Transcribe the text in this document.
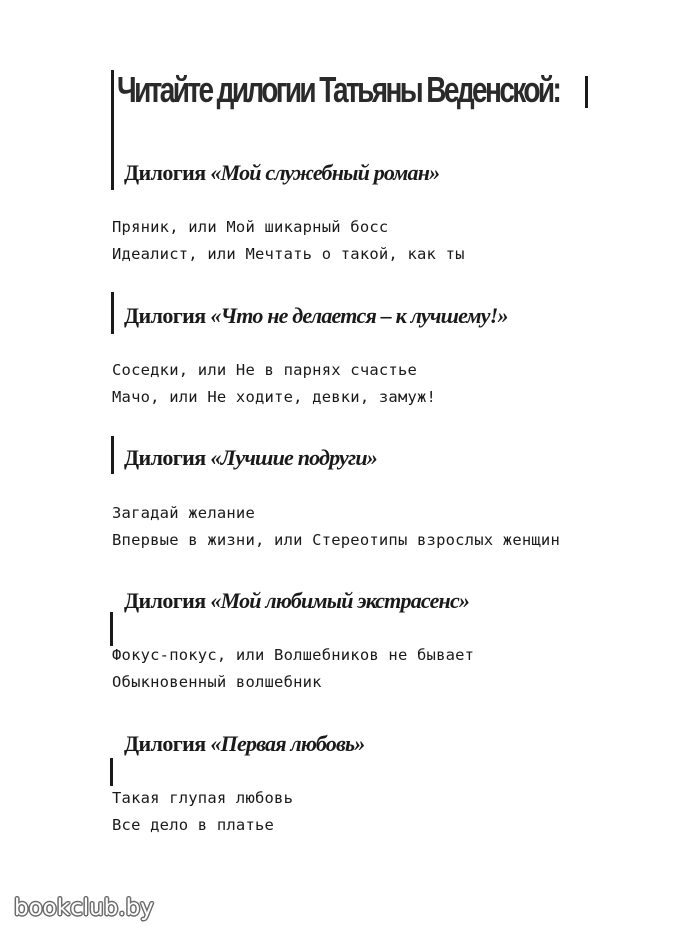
Читайте дилогии Татьяны Веденской:
Дилогия «Мой служебный роман»

Пряник, или Мой шикарный босс

Идеалист, или Мечтать о такой, как ты

Дилогия «Что не делается – к лучшему!»

Соседки, или Не в парнях счастье

Мачо, или Не ходите, девки, замуж!

Дилогия «Лучшие подруги»

Загадай желание

Впервые в жизни, или Стереотипы взрослых женщин

Дилогия «Мой любимый экстрасенс»

Фокус-покус, или Волшебников не бывает

Обыкновенный волшебник

Дилогия «Первая любовь»

Такая глупая любовь

Все дело в платье

bookclub.by
